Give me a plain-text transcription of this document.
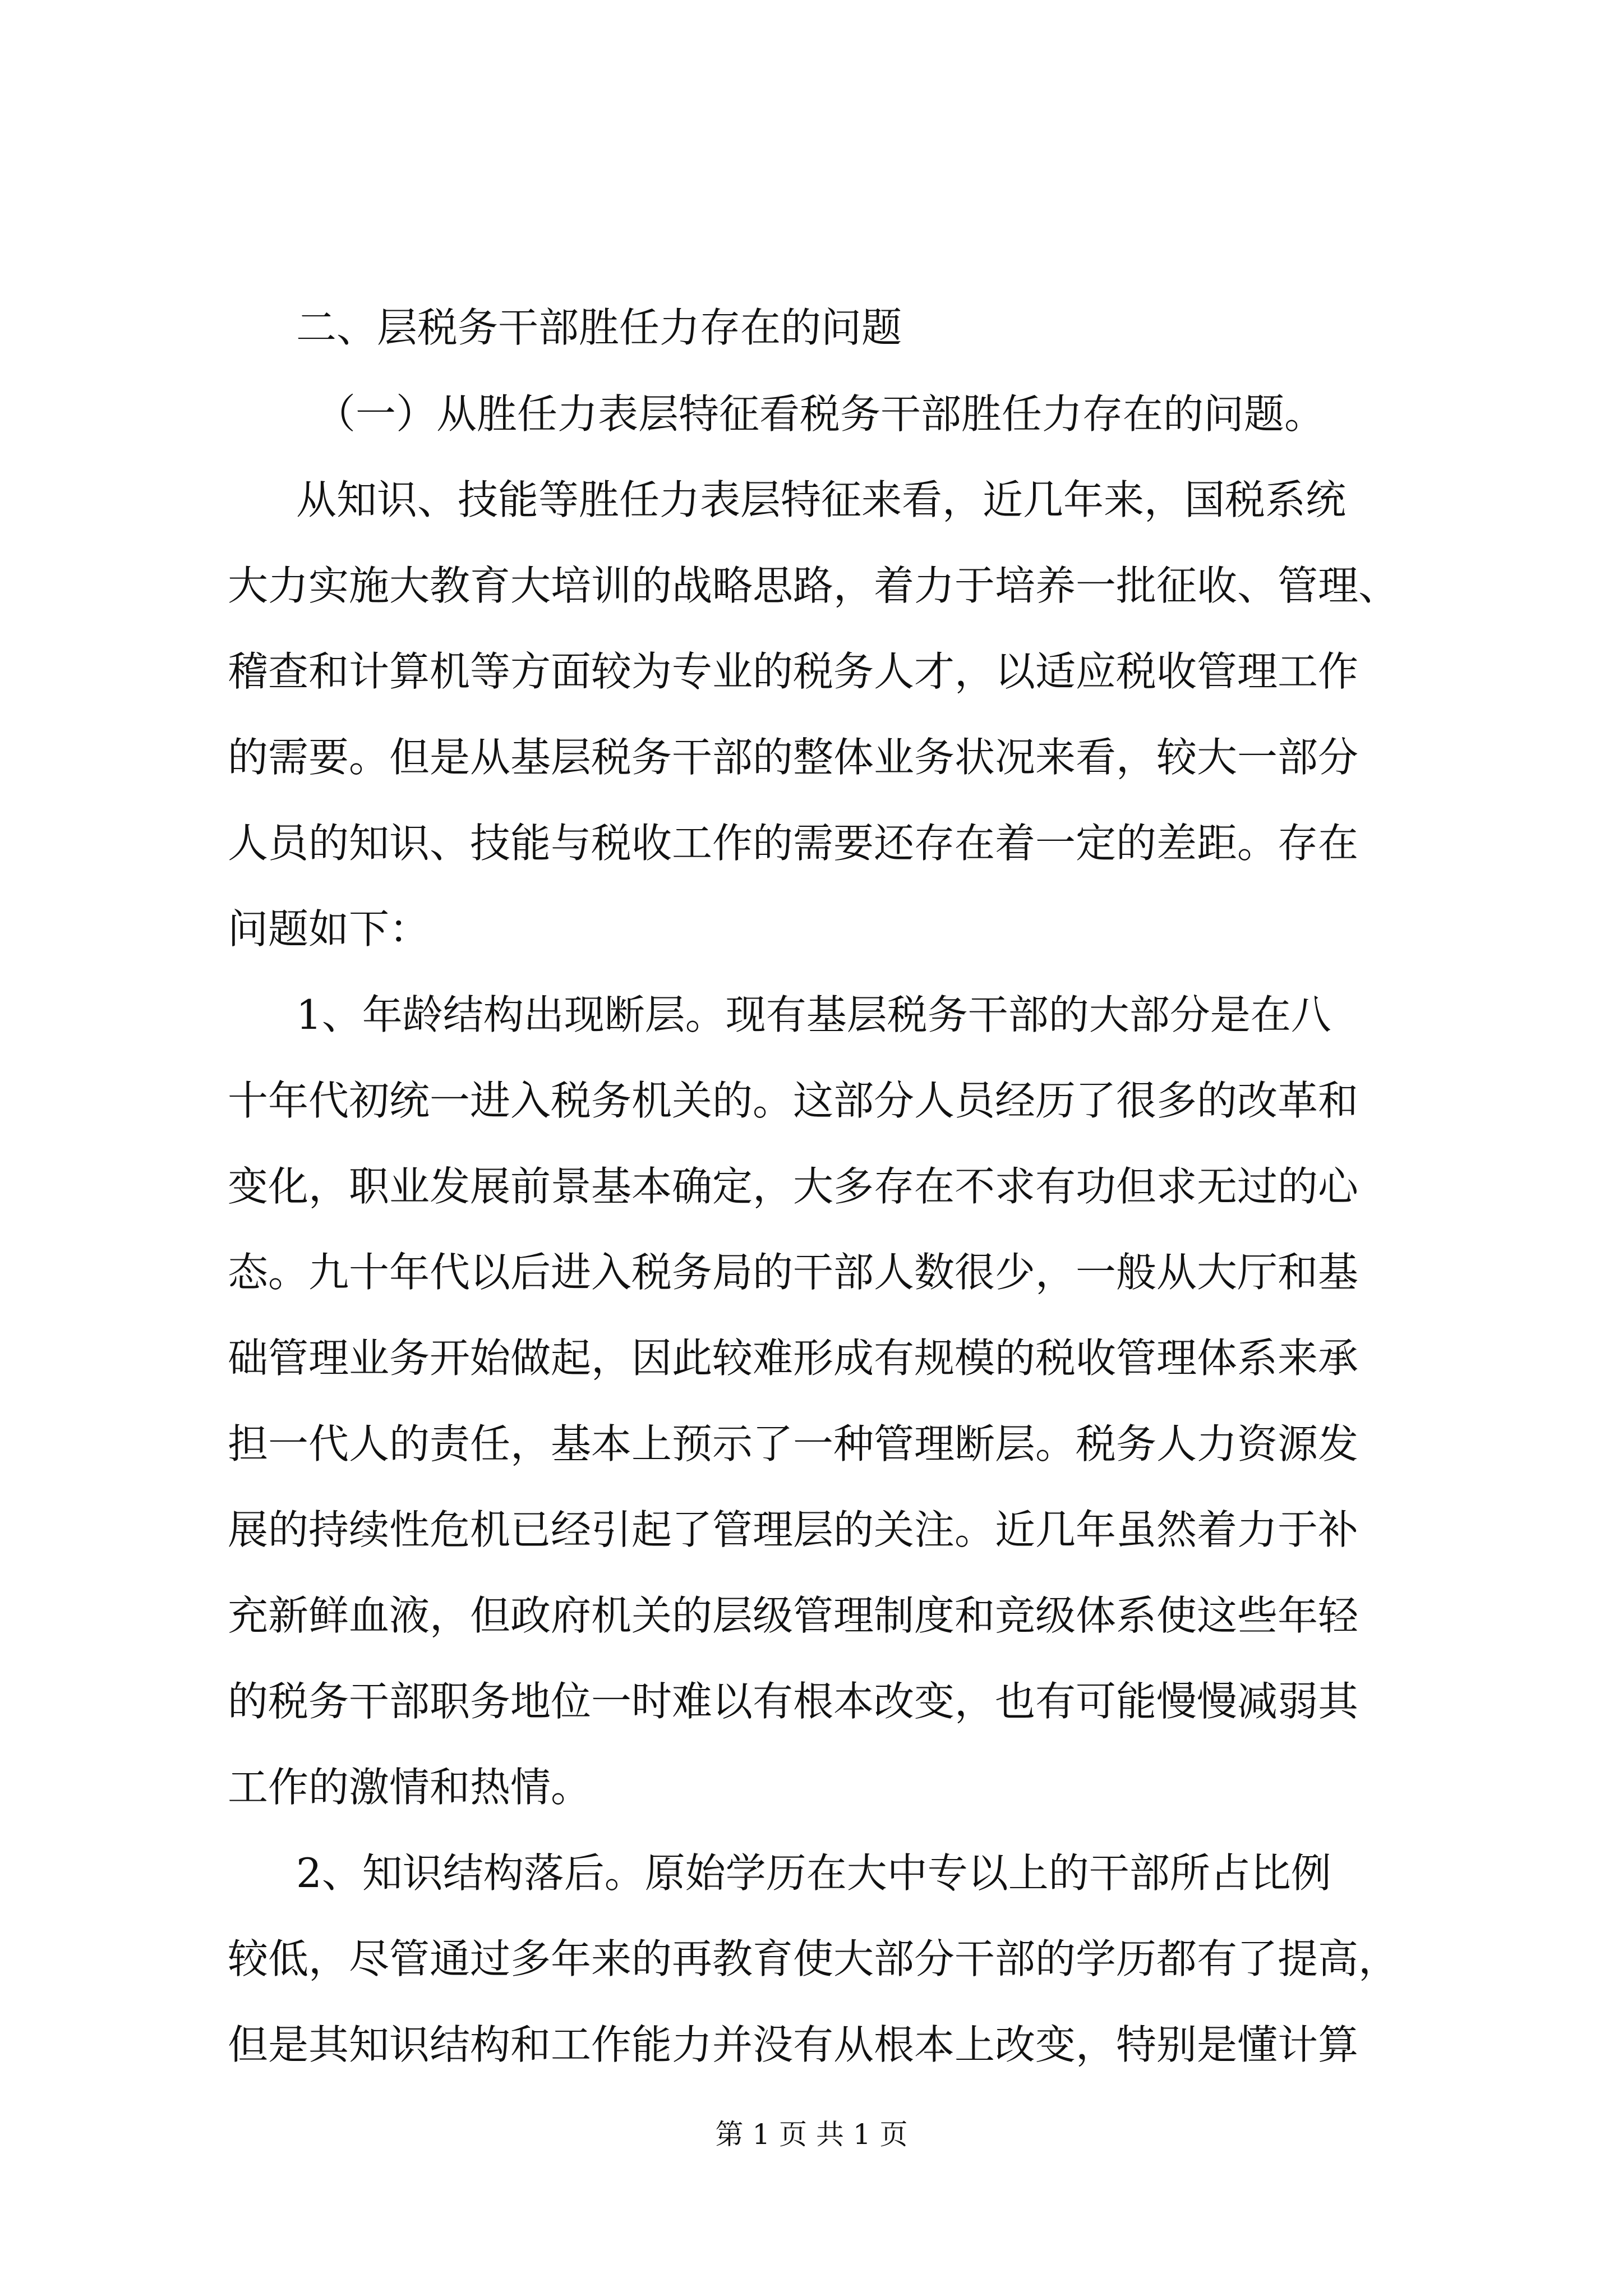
二、层税务干部胜任力存在的问题
（一）从胜任力表层特征看税务干部胜任力存在的问题。
从知识、技能等胜任力表层特征来看，近几年来，国税系统
大力实施大教育大培训的战略思路，着力于培养一批征收、管理、
稽查和计算机等方面较为专业的税务人才，以适应税收管理工作
的需要。但是从基层税务干部的整体业务状况来看，较大一部分
人员的知识、技能与税收工作的需要还存在着一定的差距。存在
问题如下：
1、年龄结构出现断层。现有基层税务干部的大部分是在八
十年代初统一进入税务机关的。这部分人员经历了很多的改革和
变化，职业发展前景基本确定，大多存在不求有功但求无过的心
态。九十年代以后进入税务局的干部人数很少，一般从大厅和基
础管理业务开始做起，因此较难形成有规模的税收管理体系来承
担一代人的责任，基本上预示了一种管理断层。税务人力资源发
展的持续性危机已经引起了管理层的关注。近几年虽然着力于补
充新鲜血液，但政府机关的层级管理制度和竞级体系使这些年轻
的税务干部职务地位一时难以有根本改变，也有可能慢慢减弱其
工作的激情和热情。
2、知识结构落后。原始学历在大中专以上的干部所占比例
较低，尽管通过多年来的再教育使大部分干部的学历都有了提高，
但是其知识结构和工作能力并没有从根本上改变，特别是懂计算
第 1 页 共 1 页
